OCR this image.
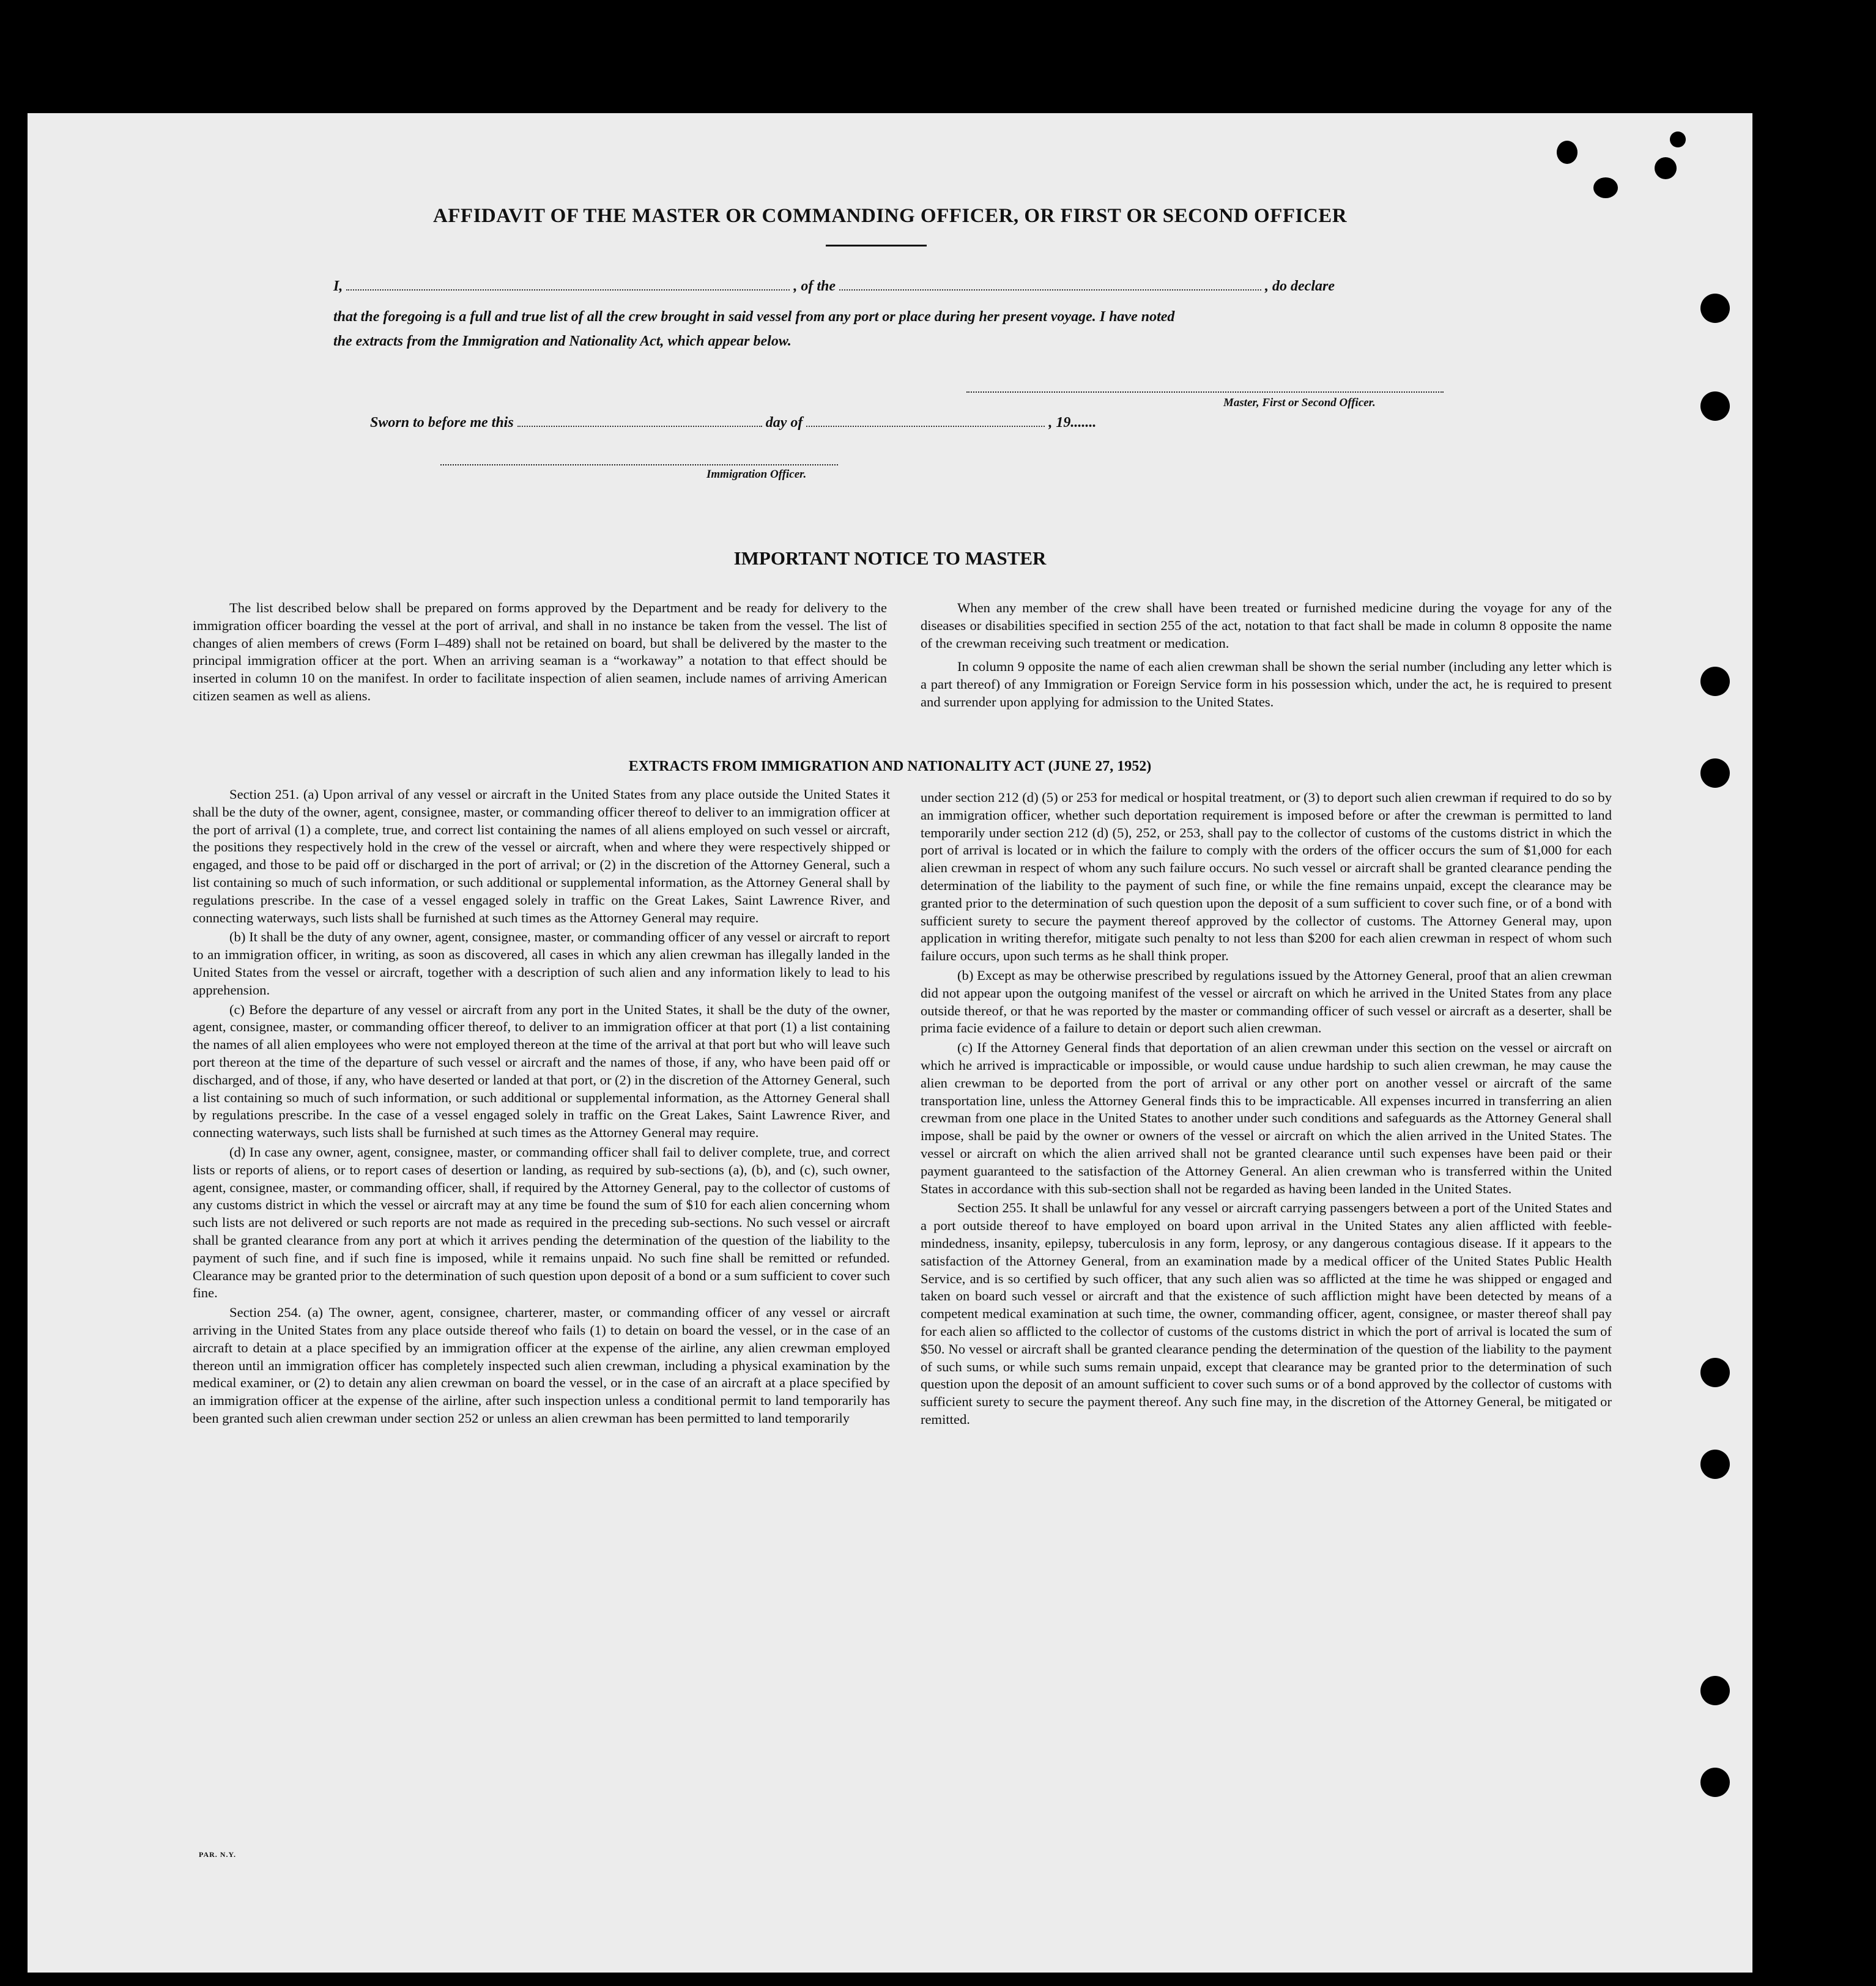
AFFIDAVIT OF THE MASTER OR COMMANDING OFFICER, OR FIRST OR SECOND OFFICER
I,	, of the	, do declare
that the foregoing is a full and true list of all the crew brought in said vessel from any port or place during her present voyage. I have noted
the extracts from the Immigration and Nationality Act, which appear below.
Master, First or Second Officer.
Sworn to before me this	day of	, 19.......
Immigration Officer.
IMPORTANT NOTICE TO MASTER

The list described below shall be prepared on forms approved by the Department and be ready for delivery to the immigration officer boarding the vessel at the port of arrival, and shall in no instance be taken from the vessel. The list of changes of alien members of crews (Form I–489) shall not be retained on board, but shall be delivered by the master to the principal immigration officer at the port. When an arriving seaman is a “workaway” a notation to that effect should be inserted in column 10 on the manifest. In order to facilitate inspection of alien seamen, include names of arriving American citizen seamen as well as aliens.

When any member of the crew shall have been treated or furnished medicine during the voyage for any of the diseases or disabilities specified in section 255 of the act, notation to that fact shall be made in column 8 opposite the name of the crewman receiving such treatment or medication.

In column 9 opposite the name of each alien crewman shall be shown the serial number (including any letter which is a part thereof) of any Immigration or Foreign Service form in his possession which, under the act, he is required to present and surrender upon applying for admission to the United States.

EXTRACTS FROM IMMIGRATION AND NATIONALITY ACT (JUNE 27, 1952)

Section 251. (a) Upon arrival of any vessel or aircraft in the United States from any place outside the United States it shall be the duty of the owner, agent, consignee, master, or commanding officer thereof to deliver to an immigration officer at the port of arrival (1) a complete, true, and correct list containing the names of all aliens employed on such vessel or aircraft, the positions they respectively hold in the crew of the vessel or aircraft, when and where they were respectively shipped or engaged, and those to be paid off or discharged in the port of arrival; or (2) in the discretion of the Attorney General, such a list containing so much of such information, or such additional or supplemental information, as the Attorney General shall by regulations prescribe. In the case of a vessel engaged solely in traffic on the Great Lakes, Saint Lawrence River, and connecting waterways, such lists shall be furnished at such times as the Attorney General may require.

(b) It shall be the duty of any owner, agent, consignee, master, or commanding officer of any vessel or aircraft to report to an immigration officer, in writing, as soon as discovered, all cases in which any alien crewman has illegally landed in the United States from the vessel or aircraft, together with a description of such alien and any information likely to lead to his apprehension.

(c) Before the departure of any vessel or aircraft from any port in the United States, it shall be the duty of the owner, agent, consignee, master, or commanding officer thereof, to deliver to an immigration officer at that port (1) a list containing the names of all alien employees who were not employed thereon at the time of the arrival at that port but who will leave such port thereon at the time of the departure of such vessel or aircraft and the names of those, if any, who have been paid off or discharged, and of those, if any, who have deserted or landed at that port, or (2) in the discretion of the Attorney General, such a list containing so much of such information, or such additional or supplemental information, as the Attorney General shall by regulations prescribe. In the case of a vessel engaged solely in traffic on the Great Lakes, Saint Lawrence River, and connecting waterways, such lists shall be furnished at such times as the Attorney General may require.

(d) In case any owner, agent, consignee, master, or commanding officer shall fail to deliver complete, true, and correct lists or reports of aliens, or to report cases of desertion or landing, as required by sub-sections (a), (b), and (c), such owner, agent, consignee, master, or commanding officer, shall, if required by the Attorney General, pay to the collector of customs of any customs district in which the vessel or aircraft may at any time be found the sum of $10 for each alien concerning whom such lists are not delivered or such reports are not made as required in the preceding sub-sections. No such vessel or aircraft shall be granted clearance from any port at which it arrives pending the determination of the question of the liability to the payment of such fine, and if such fine is imposed, while it remains unpaid. No such fine shall be remitted or refunded. Clearance may be granted prior to the determination of such question upon deposit of a bond or a sum sufficient to cover such fine.

Section 254. (a) The owner, agent, consignee, charterer, master, or commanding officer of any vessel or aircraft arriving in the United States from any place outside thereof who fails (1) to detain on board the vessel, or in the case of an aircraft to detain at a place specified by an immigration officer at the expense of the airline, any alien crewman employed thereon until an immigration officer has completely inspected such alien crewman, including a physical examination by the medical examiner, or (2) to detain any alien crewman on board the vessel, or in the case of an aircraft at a place specified by an immigration officer at the expense of the airline, after such inspection unless a conditional permit to land temporarily has been granted such alien crewman under section 252 or unless an alien crewman has been permitted to land temporarily

under section 212 (d) (5) or 253 for medical or hospital treatment, or (3) to deport such alien crewman if required to do so by an immigration officer, whether such deportation requirement is imposed before or after the crewman is permitted to land temporarily under section 212 (d) (5), 252, or 253, shall pay to the collector of customs of the customs district in which the port of arrival is located or in which the failure to comply with the orders of the officer occurs the sum of $1,000 for each alien crewman in respect of whom any such failure occurs. No such vessel or aircraft shall be granted clearance pending the determination of the liability to the payment of such fine, or while the fine remains unpaid, except the clearance may be granted prior to the determination of such question upon the deposit of a sum sufficient to cover such fine, or of a bond with sufficient surety to secure the payment thereof approved by the collector of customs. The Attorney General may, upon application in writing therefor, mitigate such penalty to not less than $200 for each alien crewman in respect of whom such failure occurs, upon such terms as he shall think proper.

(b) Except as may be otherwise prescribed by regulations issued by the Attorney General, proof that an alien crewman did not appear upon the outgoing manifest of the vessel or aircraft on which he arrived in the United States from any place outside thereof, or that he was reported by the master or commanding officer of such vessel or aircraft as a deserter, shall be prima facie evidence of a failure to detain or deport such alien crewman.

(c) If the Attorney General finds that deportation of an alien crewman under this section on the vessel or aircraft on which he arrived is impracticable or impossible, or would cause undue hardship to such alien crewman, he may cause the alien crewman to be deported from the port of arrival or any other port on another vessel or aircraft of the same transportation line, unless the Attorney General finds this to be impracticable. All expenses incurred in transferring an alien crewman from one place in the United States to another under such conditions and safeguards as the Attorney General shall impose, shall be paid by the owner or owners of the vessel or aircraft on which the alien arrived in the United States. The vessel or aircraft on which the alien arrived shall not be granted clearance until such expenses have been paid or their payment guaranteed to the satisfaction of the Attorney General. An alien crewman who is transferred within the United States in accordance with this sub-section shall not be regarded as having been landed in the United States.

Section 255. It shall be unlawful for any vessel or aircraft carrying passengers between a port of the United States and a port outside thereof to have employed on board upon arrival in the United States any alien afflicted with feeble-mindedness, insanity, epilepsy, tuberculosis in any form, leprosy, or any dangerous contagious disease. If it appears to the satisfaction of the Attorney General, from an examination made by a medical officer of the United States Public Health Service, and is so certified by such officer, that any such alien was so afflicted at the time he was shipped or engaged and taken on board such vessel or aircraft and that the existence of such affliction might have been detected by means of a competent medical examination at such time, the owner, commanding officer, agent, consignee, or master thereof shall pay for each alien so afflicted to the collector of customs of the customs district in which the port of arrival is located the sum of $50. No vessel or aircraft shall be granted clearance pending the determination of the question of the liability to the payment of such sums, or while such sums remain unpaid, except that clearance may be granted prior to the determination of such question upon the deposit of an amount sufficient to cover such sums or of a bond approved by the collector of customs with sufficient surety to secure the payment thereof. Any such fine may, in the discretion of the Attorney General, be mitigated or remitted.

PAR. N.Y.
